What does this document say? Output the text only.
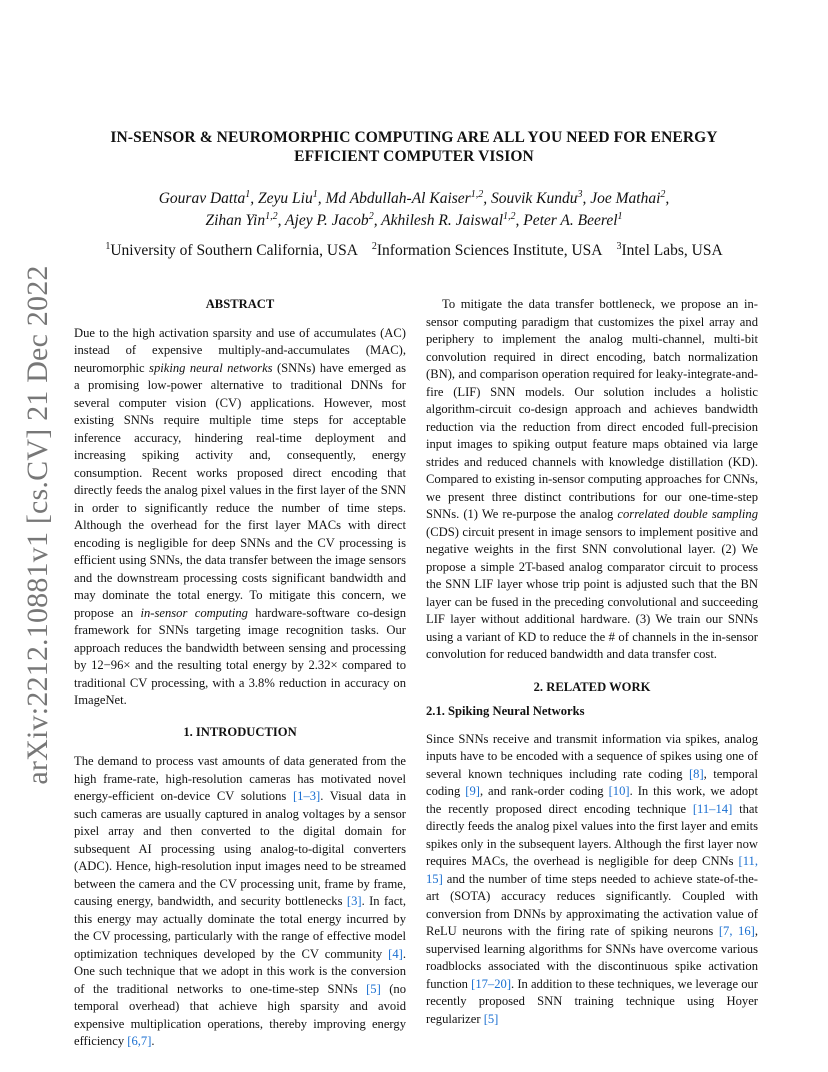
arXiv:2212.10881v1 [cs.CV] 21 Dec 2022
IN-SENSOR & NEUROMORPHIC COMPUTING ARE ALL YOU NEED FOR ENERGY
EFFICIENT COMPUTER VISION
Gourav Datta$^1$, Zeyu Liu$^1$, Md Abdullah-Al Kaiser$^{1,2}$, Souvik Kundu$^3$, Joe Mathai$^2$,
Zihan Yin$^{1,2}$, Ajey P. Jacob$^2$, Akhilesh R. Jaiswal$^{1,2}$, Peter A. Beerel$^1$
$^1$University of Southern California, USA $^2$Information Sciences Institute, USA $^3$Intel Labs, USA

ABSTRACT

Due to the high activation sparsity and use of accumulates (AC) instead of expensive multiply-and-accumulates (MAC), neuromorphic spiking neural networks (SNNs) have emerged as a promising low-power alternative to traditional DNNs for several computer vision (CV) applications. However, most existing SNNs require multiple time steps for acceptable inference accuracy, hindering real-time deployment and increasing spiking activity and, consequently, energy consumption. Recent works proposed direct encoding that directly feeds the analog pixel values in the first layer of the SNN in order to significantly reduce the number of time steps. Although the overhead for the first layer MACs with direct encoding is negligible for deep SNNs and the CV processing is efficient using SNNs, the data transfer between the image sensors and the downstream processing costs significant bandwidth and may dominate the total energy. To mitigate this concern, we propose an in-sensor computing hardware-software co-design framework for SNNs targeting image recognition tasks. Our approach reduces the bandwidth between sensing and processing by 12−96× and the resulting total energy by 2.32× compared to traditional CV processing, with a 3.8% reduction in accuracy on ImageNet.

1. INTRODUCTION

The demand to process vast amounts of data generated from the high frame-rate, high-resolution cameras has motivated novel energy-efficient on-device CV solutions [1–3]. Visual data in such cameras are usually captured in analog voltages by a sensor pixel array and then converted to the digital domain for subsequent AI processing using analog-to-digital converters (ADC). Hence, high-resolution input images need to be streamed between the camera and the CV processing unit, frame by frame, causing energy, bandwidth, and security bottlenecks [3]. In fact, this energy may actually dominate the total energy incurred by the CV processing, particularly with the range of effective model optimization techniques developed by the CV community [4]. One such technique that we adopt in this work is the conversion of the traditional networks to one-time-step SNNs [5] (no temporal overhead) that achieve high sparsity and avoid expensive multiplication operations, thereby improving energy efficiency [6,7].

To mitigate the data transfer bottleneck, we propose an in-sensor computing paradigm that customizes the pixel array and periphery to implement the analog multi-channel, multi-bit convolution required in direct encoding, batch normalization (BN), and comparison operation required for leaky-integrate-and-fire (LIF) SNN models. Our solution includes a holistic algorithm-circuit co-design approach and achieves bandwidth reduction via the reduction from direct encoded full-precision input images to spiking output feature maps obtained via large strides and reduced channels with knowledge distillation (KD). Compared to existing in-sensor computing approaches for CNNs, we present three distinct contributions for our one-time-step SNNs. (1) We re-purpose the analog correlated double sampling (CDS) circuit present in image sensors to implement positive and negative weights in the first SNN convolutional layer. (2) We propose a simple 2T-based analog comparator circuit to process the SNN LIF layer whose trip point is adjusted such that the BN layer can be fused in the preceding convolutional and succeeding LIF layer without additional hardware. (3) We train our SNNs using a variant of KD to reduce the # of channels in the in-sensor convolution for reduced bandwidth and data transfer cost.

2. RELATED WORK

2.1. Spiking Neural Networks

Since SNNs receive and transmit information via spikes, analog inputs have to be encoded with a sequence of spikes using one of several known techniques including rate coding [8], temporal coding [9], and rank-order coding [10]. In this work, we adopt the recently proposed direct encoding technique [11–14] that directly feeds the analog pixel values into the first layer and emits spikes only in the subsequent layers. Although the first layer now requires MACs, the overhead is negligible for deep CNNs [11, 15] and the number of time steps needed to achieve state-of-the-art (SOTA) accuracy reduces significantly. Coupled with conversion from DNNs by approximating the activation value of ReLU neurons with the firing rate of spiking neurons [7, 16], supervised learning algorithms for SNNs have overcome various roadblocks associated with the discontinuous spike activation function [17–20]. In addition to these techniques, we leverage our recently proposed SNN training technique using Hoyer regularizer [5]
